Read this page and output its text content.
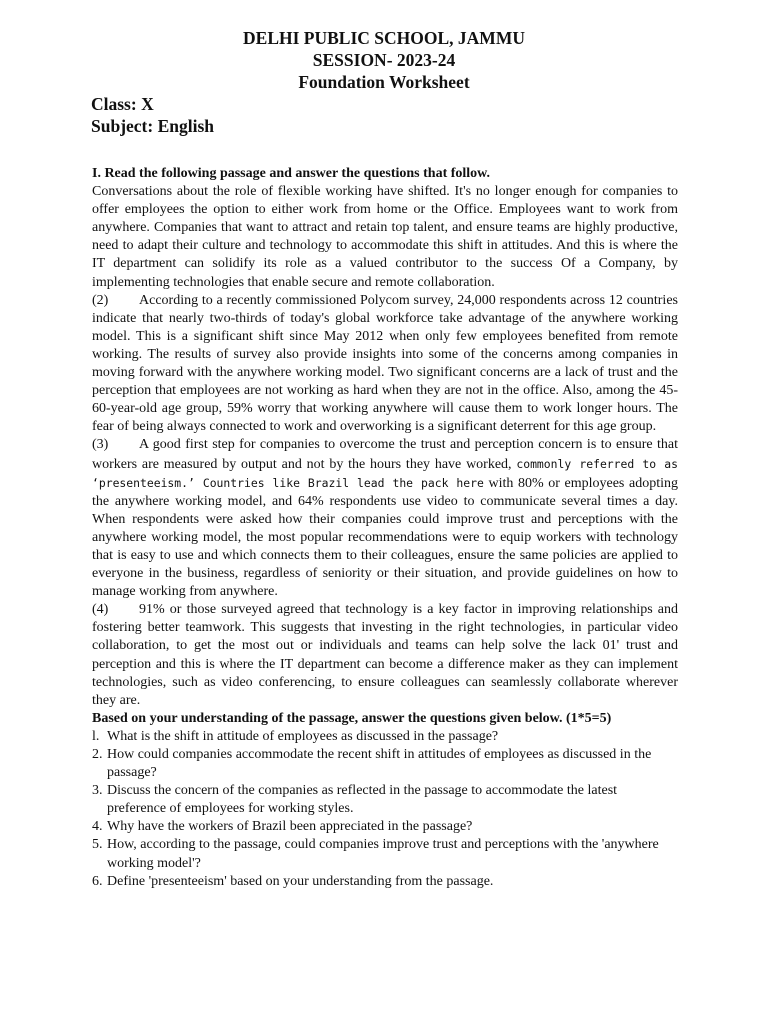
DELHI PUBLIC SCHOOL, JAMMU
SESSION- 2023-24
Foundation Worksheet
Class: X
Subject: English

I. Read the following passage and answer the questions that follow.

Conversations about the role of flexible working have shifted. It's no longer enough for companies to offer employees the option to either work from home or the Office. Employees want to work from anywhere. Companies that want to attract and retain top talent, and ensure teams are highly productive, need to adapt their culture and technology to accommodate this shift in attitudes. And this is where the IT department can solidify its role as a valued contributor to the success Of a Company, by implementing technologies that enable secure and remote collaboration.

(2) According to a recently commissioned Polycom survey, 24,000 respondents across 12 countries indicate that nearly two-thirds of today's global workforce take advantage of the anywhere working model. This is a significant shift since May 2012 when only few employees benefited from remote working. The results of survey also provide insights into some of the concerns among companies in moving forward with the anywhere working model. Two significant concerns are a lack of trust and the perception that employees are not working as hard when they are not in the office. Also, among the 45-60-year-old age group, 59% worry that working anywhere will cause them to work longer hours. The fear of being always connected to work and overworking is a significant deterrent for this age group.

(3) A good first step for companies to overcome the trust and perception concern is to ensure that workers are measured by output and not by the hours they have worked, commonly referred to as ‘presenteeism.’ Countries like Brazil lead the pack here with 80% or employees adopting the anywhere working model, and 64% respondents use video to communicate several times a day. When respondents were asked how their companies could improve trust and perceptions with the anywhere working model, the most popular recommendations were to equip workers with technology that is easy to use and which connects them to their colleagues, ensure the same policies are applied to everyone in the business, regardless of seniority or their situation, and provide guidelines on how to manage working from anywhere.

(4) 91% or those surveyed agreed that technology is a key factor in improving relationships and fostering better teamwork. This suggests that investing in the right technologies, in particular video collaboration, to get the most out or individuals and teams can help solve the lack 01' trust and perception and this is where the IT department can become a difference maker as they can implement technologies, such as video conferencing, to ensure colleagues can seamlessly collaborate wherever they are.

Based on your understanding of the passage, answer the questions given below. (1*5=5)

l. What is the shift in attitude of employees as discussed in the passage?
2. How could companies accommodate the recent shift in attitudes of employees as discussed in the passage?
3. Discuss the concern of the companies as reflected in the passage to accommodate the latest preference of employees for working styles.
4. Why have the workers of Brazil been appreciated in the passage?
5. How, according to the passage, could companies improve trust and perceptions with the 'anywhere working model'?
6. Define 'presenteeism' based on your understanding from the passage.
